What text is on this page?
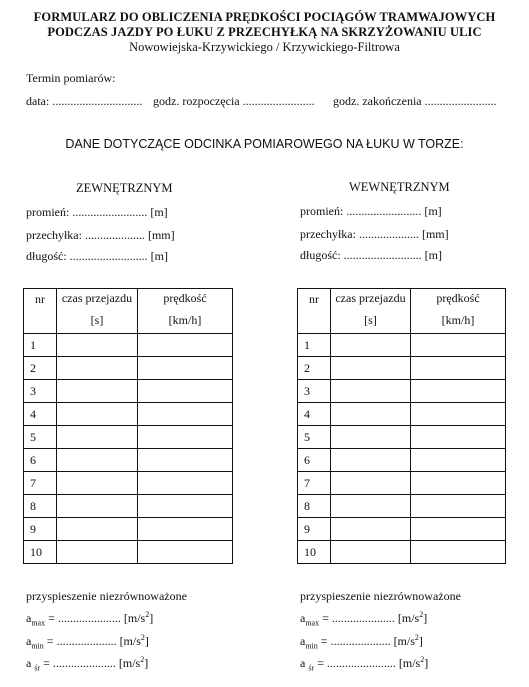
FORMULARZ DO OBLICZENIA PRĘDKOŚCI POCIĄGÓW TRAMWAJOWYCH
PODCZAS JAZDY PO ŁUKU Z PRZECHYŁKĄ NA SKRZYŻOWANIU ULIC
Nowowiejska-Krzywickiego / Krzywickiego-Filtrowa
Termin pomiarów:
data: .............................. godz. rozpoczęcia ........................ godz. zakończenia ........................
DANE DOTYCZĄCE ODCINKA POMIAROWEGO NA ŁUKU W TORZE:
ZEWNĘTRZNYM	WEWNĘTRZNYM
promień: ......................... [m]
przechyłka: .................... [mm]
długość: .......................... [m]
promień: ......................... [m]
przechyłka: .................... [mm]
długość: .......................... [m]
nr	czas przejazdu	prędkość
	[s]	[km/h]
1		
2		
3		
4		
5		
6		
7		
8		
9		
10		
nr	czas przejazdu	prędkość
	[s]	[km/h]
1		
2		
3		
4		
5		
6		
7		
8		
9		
10		
przyspieszenie niezrównoważone
$a_{max}$ = ..................... $[m/s^2]$
$a_{min}$ = .................... $[m/s^2]$
a $_{śr}$ = ..................... $[m/s^2]$
przyspieszenie niezrównoważone
$a_{max}$ = ..................... $[m/s^2]$
$a_{min}$ = .................... $[m/s^2]$
a $_{śr}$ = ....................... $[m/s^2]$
